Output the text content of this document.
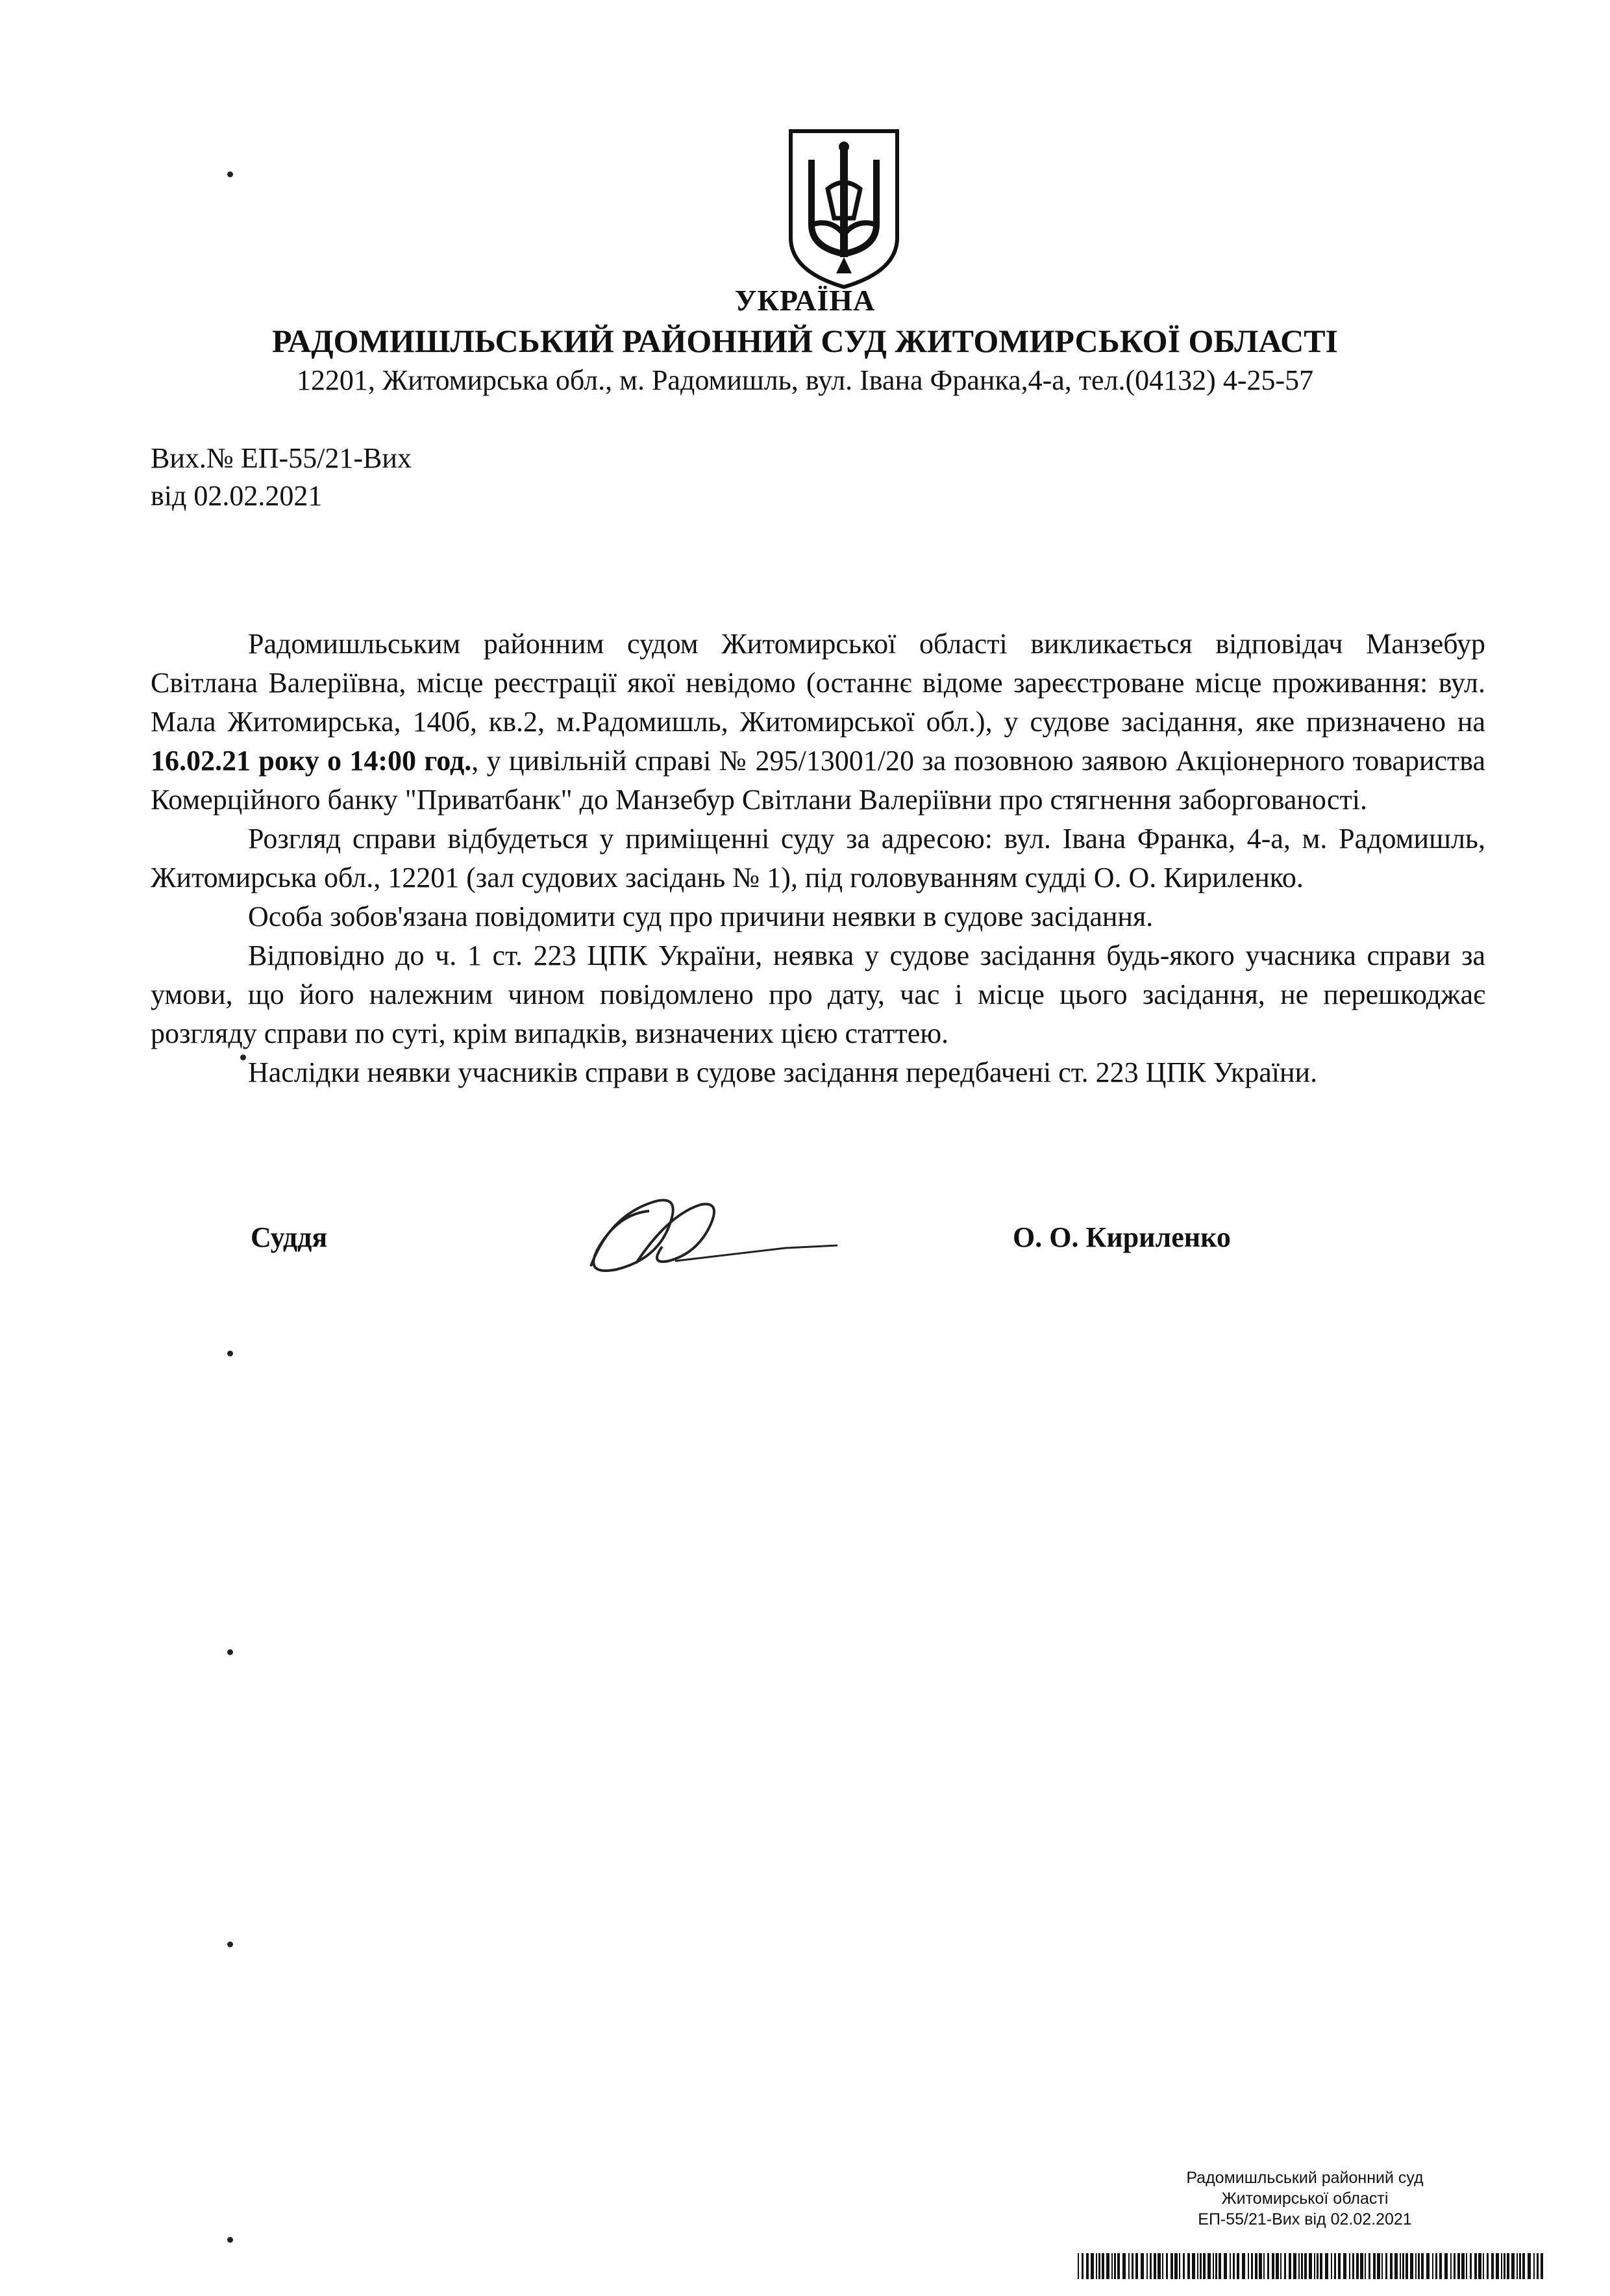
УКРАЇНА
РАДОМИШЛЬСЬКИЙ РАЙОННИЙ СУД ЖИТОМИРСЬКОЇ ОБЛАСТІ
12201, Житомирська обл., м. Радомишль, вул. Івана Франка,4-а, тел.(04132) 4-25-57
Вих.№ ЕП-55/21-Вих
від 02.02.2021

Радомишльським районним судом Житомирської області викликається відповідач Манзебур Світлана Валеріївна, місце реєстрації якої невідомо (останнє відоме зареєстроване місце проживання: вул. Мала Житомирська, 140б, кв.2, м.Радомишль, Житомирської обл.), у судове засідання, яке призначено на 16.02.21 року о 14:00 год., у цивільній справі № 295/13001/20 за позовною заявою Акціонерного товариства Комерційного банку "Приватбанк" до Манзебур Світлани Валеріївни про стягнення заборгованості.

Розгляд справи відбудеться у приміщенні суду за адресою: вул. Івана Франка, 4-а, м. Радомишль, Житомирська обл., 12201 (зал судових засідань № 1), під головуванням судді О. О. Кириленко.

Особа зобов'язана повідомити суд про причини неявки в судове засідання.

Відповідно до ч. 1 ст. 223 ЦПК України, неявка у судове засідання будь-якого учасника справи за умови, що його належним чином повідомлено про дату, час і місце цього засідання, не перешкоджає розгляду справи по суті, крім випадків, визначених цією статтею.

Наслідки неявки учасників справи в судове засідання передбачені ст. 223 ЦПК України.

Суддя	О. О. Кириленко
Радомишльський районний суд
Житомирської області
ЕП-55/21-Вих від 02.02.2021
